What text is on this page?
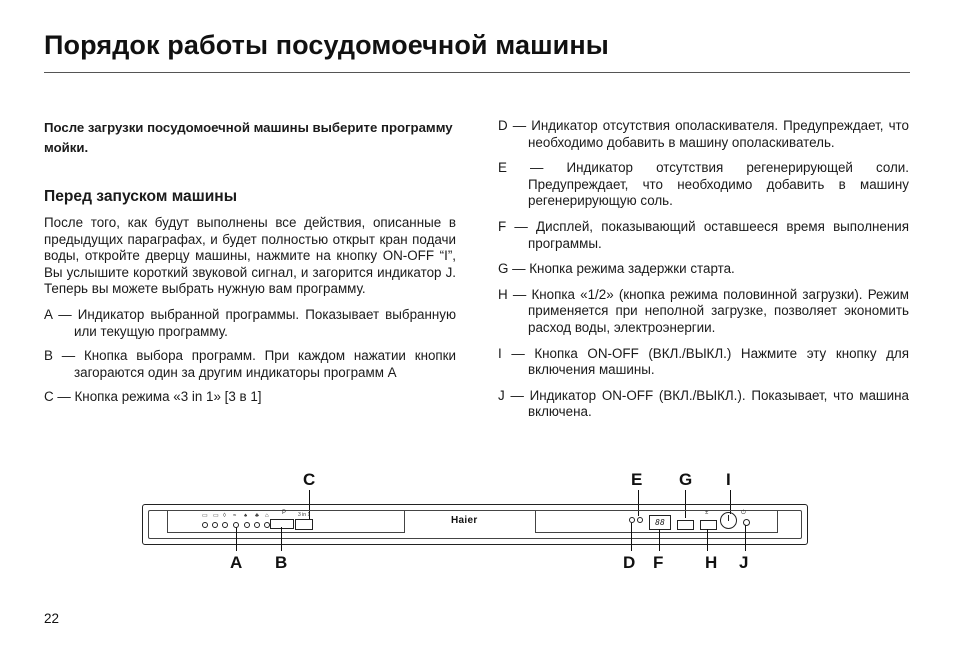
Порядок работы посудомоечной машины

После загрузки посудомоечной машины выберите программу мойки.

Перед запуском машины

После того, как будут выполнены все действия, описанные в предыдущих параграфах, и будет полностью открыт кран подачи воды, откройте дверцу машины, нажмите на кнопку ON-OFF “I”, Вы услышите короткий звуковой сигнал, и загорится индикатор J. Теперь вы можете выбрать нужную вам программу.

A — Индикатор выбранной программы. Показывает выбранную или текущую программу.

B — Кнопка выбора программ. При каждом нажатии кнопки загораются один за другим индикаторы программ A

C — Кнопка режима «3 in 1» [3 в 1]

D — Индикатор отсутствия ополаскивателя. Предупреждает, что необходимо добавить в машину ополаскиватель.

E — Индикатор отсутствия регенерирующей соли. Предупреждает, что необходимо добавить в машину регенерирующую соль.

F — Дисплей, показывающий оставшееся время выполнения программы.

G — Кнопка режима задержки старта.

H — Кнопка «1/2» (кнопка режима половинной загрузки). Режим применяется при неполной загрузке, позволяет экономить расход воды, электроэнергии.

I — Кнопка ON-OFF (ВКЛ./ВЫКЛ.) Нажмите эту кнопку для включения машины.

J — Индикатор ON-OFF (ВКЛ./ВЫКЛ.). Показывает, что машина включена.

C	E G I
Haier
▭ ▭ ◊ ≈ ♠ ♣ ⌂ P 3 in 1
88
±	⏻
A B	D F H J
22
